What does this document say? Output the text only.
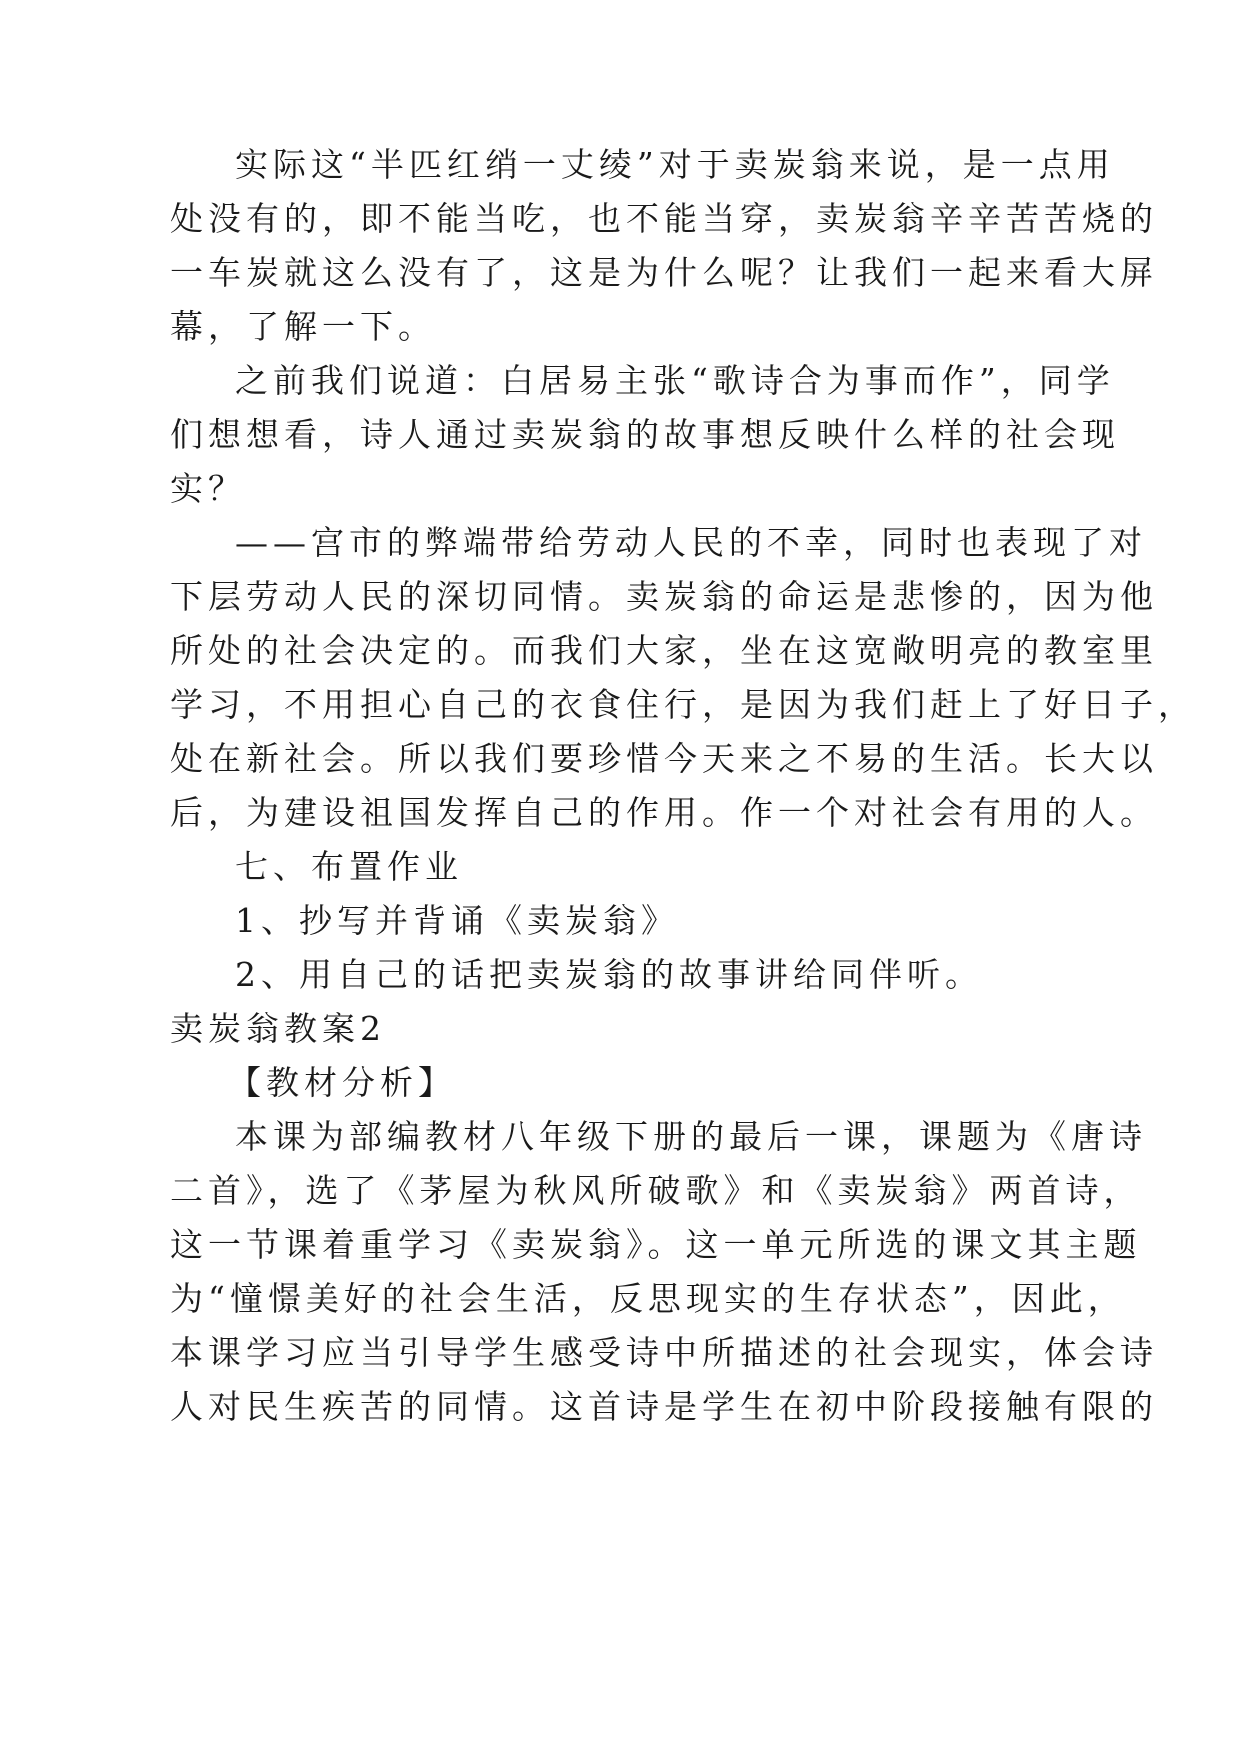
实际这“半匹红绡一丈绫”对于卖炭翁来说，是一点用
处没有的，即不能当吃，也不能当穿，卖炭翁辛辛苦苦烧的
一车炭就这么没有了，这是为什么呢？让我们一起来看大屏
幕，了解一下。
之前我们说道：白居易主张“歌诗合为事而作”，同学
们想想看，诗人通过卖炭翁的故事想反映什么样的社会现
实？
——宫市的弊端带给劳动人民的不幸，同时也表现了对
下层劳动人民的深切同情。卖炭翁的命运是悲惨的，因为他
所处的社会决定的。而我们大家，坐在这宽敞明亮的教室里
学习，不用担心自己的衣食住行，是因为我们赶上了好日子，
处在新社会。所以我们要珍惜今天来之不易的生活。长大以
后，为建设祖国发挥自己的作用。作一个对社会有用的人。
七、布置作业
1、抄写并背诵《卖炭翁》
2、用自己的话把卖炭翁的故事讲给同伴听。
卖炭翁教案2
【教材分析】
本课为部编教材八年级下册的最后一课，课题为《唐诗
二首》，选了《茅屋为秋风所破歌》和《卖炭翁》两首诗，
这一节课着重学习《卖炭翁》。这一单元所选的课文其主题
为“憧憬美好的社会生活，反思现实的生存状态”，因此，
本课学习应当引导学生感受诗中所描述的社会现实，体会诗
人对民生疾苦的同情。这首诗是学生在初中阶段接触有限的
